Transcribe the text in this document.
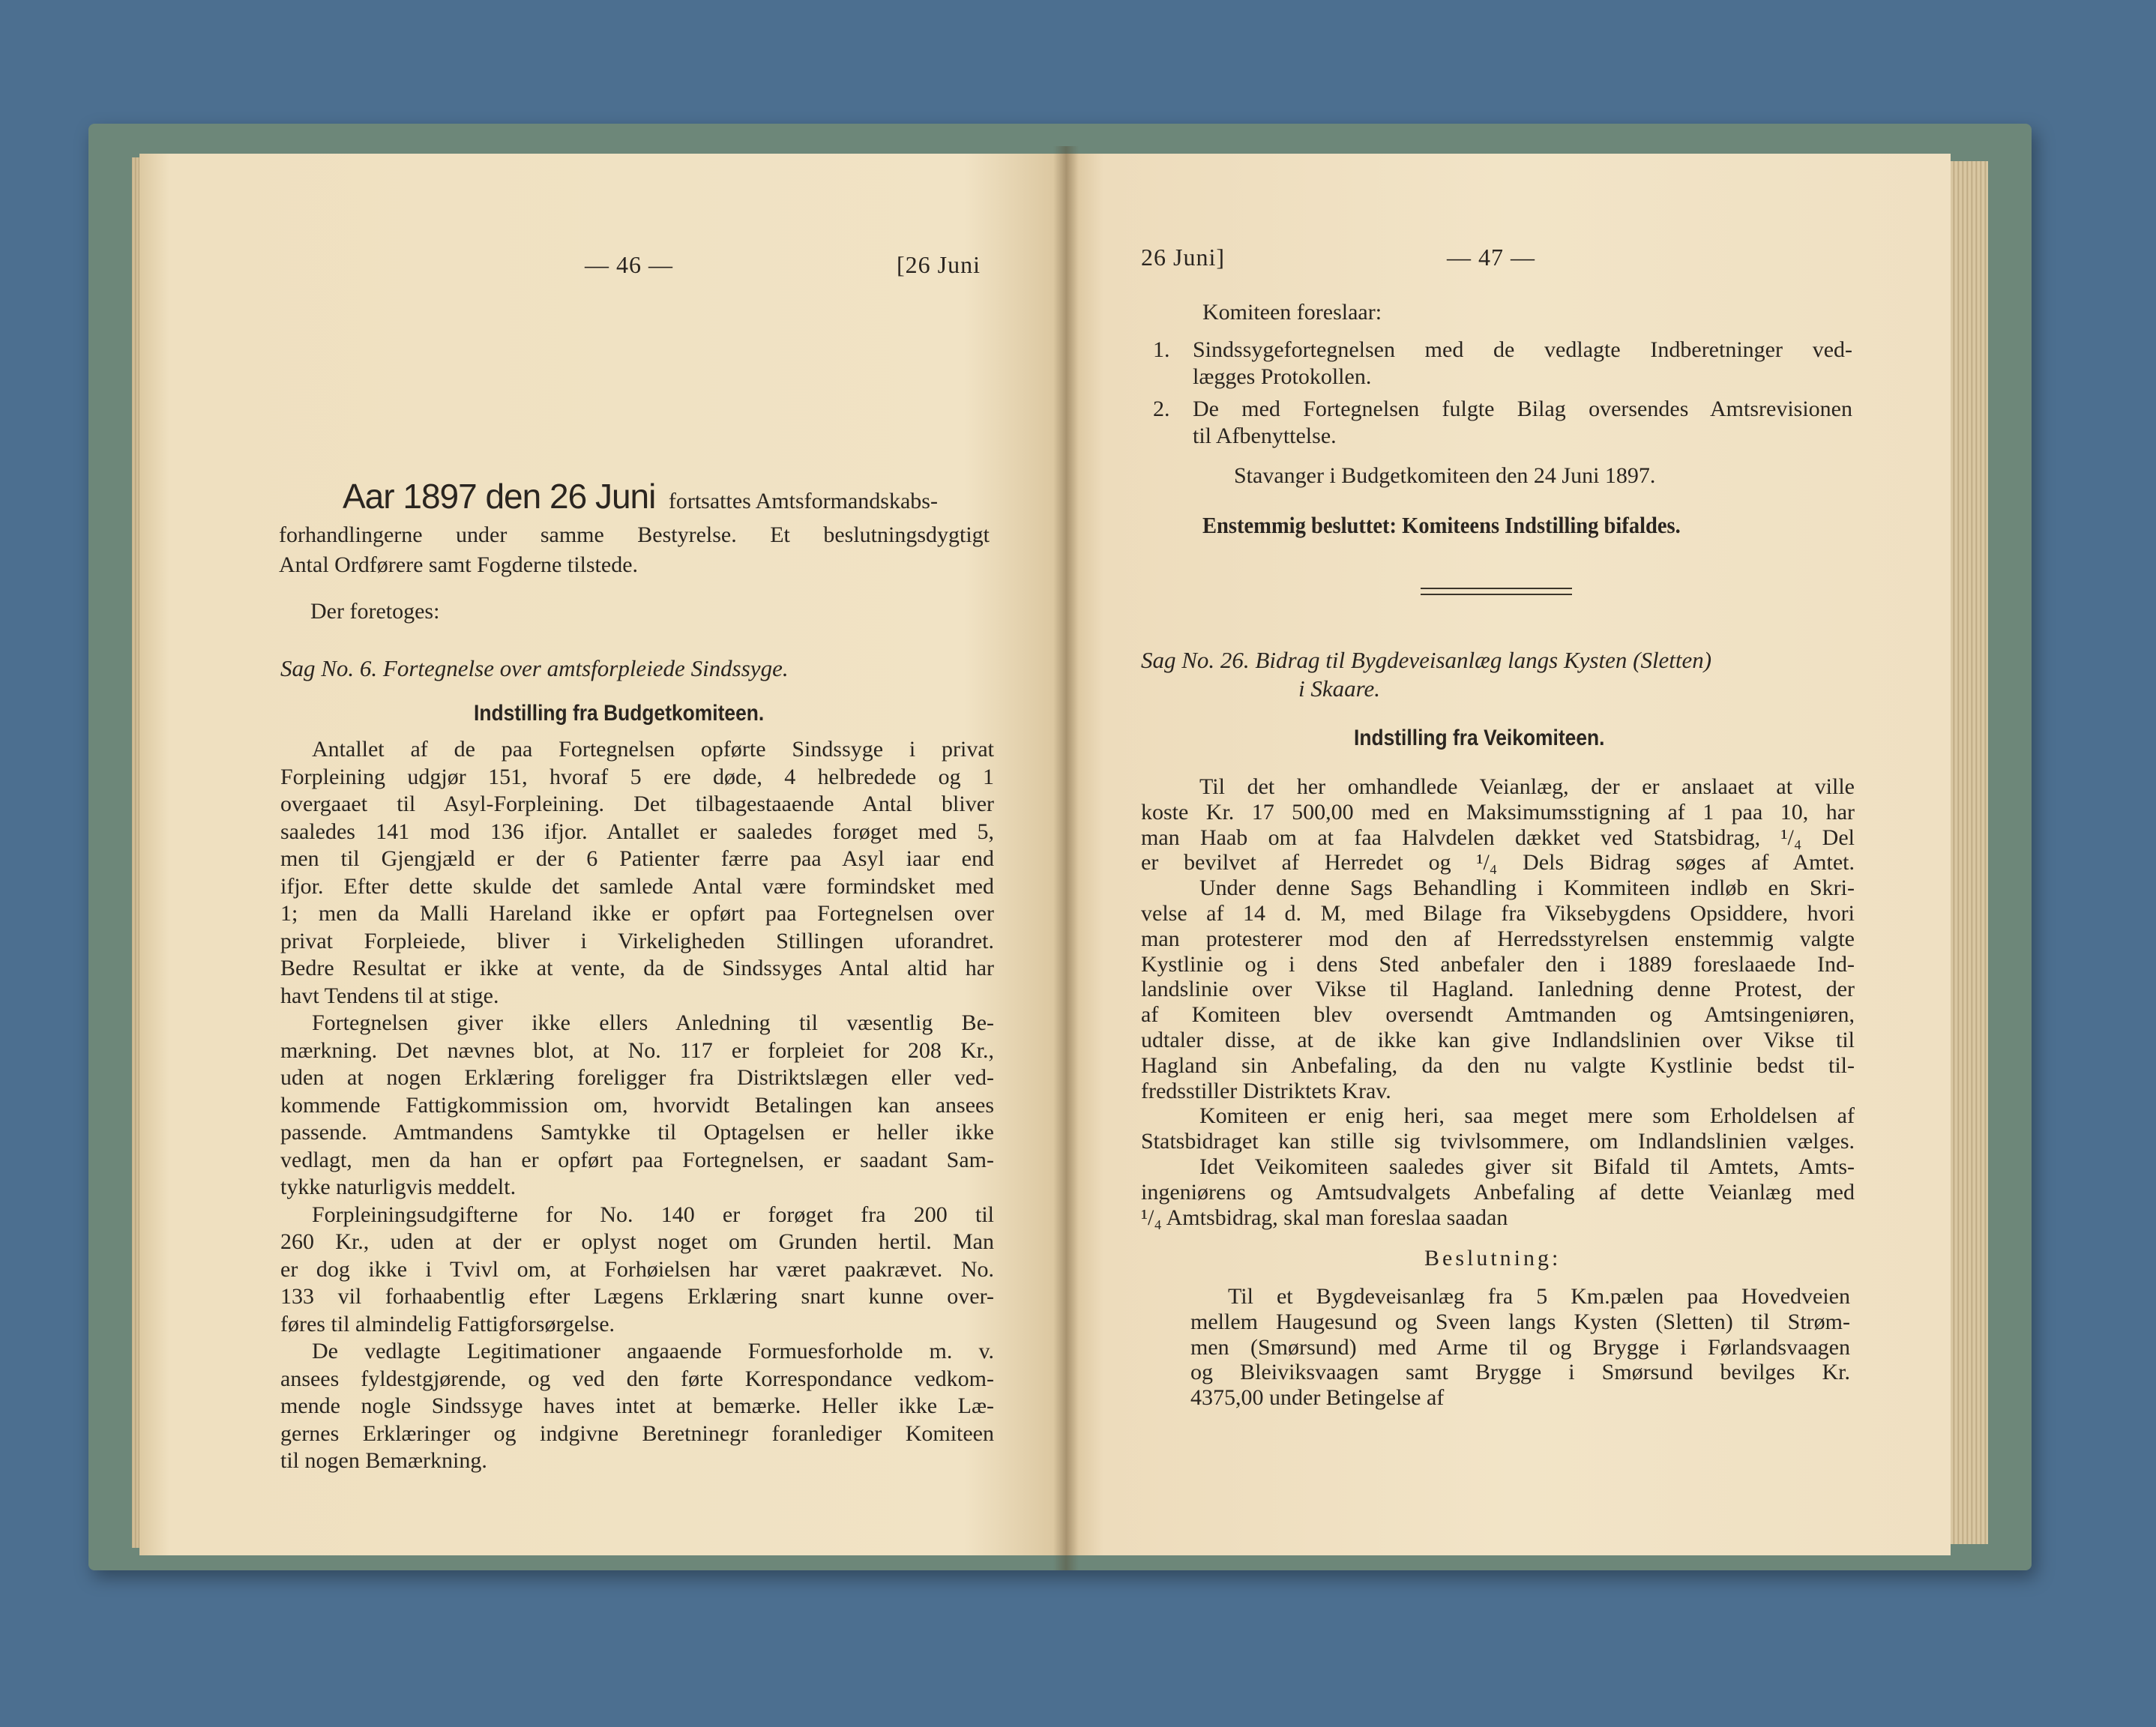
— 46 —	[26 Juni
Aar 1897 den 26 Juni fortsattes Amtsformandskabs-
forhandlingerne under samme Bestyrelse. Et beslutningsdygtigt
Antal Ordførere samt Fogderne tilstede.
Der foretoges:
Sag No. 6. Fortegnelse over amtsforpleiede Sindssyge.
Indstilling fra Budgetkomiteen.
Antallet af de paa Fortegnelsen opførte Sindssyge i privat
Forpleining udgjør 151, hvoraf 5 ere døde, 4 helbredede og 1
overgaaet til Asyl-Forpleining. Det tilbagestaaende Antal bliver
saaledes 141 mod 136 ifjor. Antallet er saaledes forøget med 5,
men til Gjengjæld er der 6 Patienter færre paa Asyl iaar end
ifjor. Efter dette skulde det samlede Antal være formindsket med
1; men da Malli Hareland ikke er opført paa Fortegnelsen over
privat Forpleiede, bliver i Virkeligheden Stillingen uforandret.
Bedre Resultat er ikke at vente, da de Sindssyges Antal altid har
havt Tendens til at stige.
Fortegnelsen giver ikke ellers Anledning til væsentlig Be-
mærkning. Det nævnes blot, at No. 117 er forpleiet for 208 Kr.,
uden at nogen Erklæring foreligger fra Distriktslægen eller ved-
kommende Fattigkommission om, hvorvidt Betalingen kan ansees
passende. Amtmandens Samtykke til Optagelsen er heller ikke
vedlagt, men da han er opført paa Fortegnelsen, er saadant Sam-
tykke naturligvis meddelt.
Forpleiningsudgifterne for No. 140 er forøget fra 200 til
260 Kr., uden at der er oplyst noget om Grunden hertil. Man
er dog ikke i Tvivl om, at Forhøielsen har været paakrævet. No.
133 vil forhaabentlig efter Lægens Erklæring snart kunne over-
føres til almindelig Fattigforsørgelse.
De vedlagte Legitimationer angaaende Formuesforholde m. v.
ansees fyldestgjørende, og ved den førte Korrespondance vedkom-
mende nogle Sindssyge haves intet at bemærke. Heller ikke Læ-
gernes Erklæringer og indgivne Beretninegr foranlediger Komiteen
til nogen Bemærkning.
26 Juni]	— 47 —
Komiteen foreslaar:
1. Sindssygefortegnelsen med de vedlagte Indberetninger ved-
lægges Protokollen.
2. De med Fortegnelsen fulgte Bilag oversendes Amtsrevisionen
til Afbenyttelse.
Stavanger i Budgetkomiteen den 24 Juni 1897.
Enstemmig besluttet: Komiteens Indstilling bifaldes.
Sag No. 26. Bidrag til Bygdeveisanlæg langs Kysten (Sletten)
i Skaare.
Indstilling fra Veikomiteen.
Til det her omhandlede Veianlæg, der er anslaaet at ville
koste Kr. 17 500,00 med en Maksimumsstigning af 1 paa 10, har
man Haab om at faa Halvdelen dækket ved Statsbidrag, ¹/₄ Del
er bevilvet af Herredet og ¹/₄ Dels Bidrag søges af Amtet.
Under denne Sags Behandling i Kommiteen indløb en Skri-
velse af 14 d. M, med Bilage fra Viksebygdens Opsiddere, hvori
man protesterer mod den af Herredsstyrelsen enstemmig valgte
Kystlinie og i dens Sted anbefaler den i 1889 foreslaaede Ind-
landslinie over Vikse til Hagland. Ianledning denne Protest, der
af Komiteen blev oversendt Amtmanden og Amtsingeniøren,
udtaler disse, at de ikke kan give Indlandslinien over Vikse til
Hagland sin Anbefaling, da den nu valgte Kystlinie bedst til-
fredsstiller Distriktets Krav.
Komiteen er enig heri, saa meget mere som Erholdelsen af
Statsbidraget kan stille sig tvivlsommere, om Indlandslinien vælges.
Idet Veikomiteen saaledes giver sit Bifald til Amtets, Amts-
ingeniørens og Amtsudvalgets Anbefaling af dette Veianlæg med
¹/₄ Amtsbidrag, skal man foreslaa saadan
Beslutning:
Til et Bygdeveisanlæg fra 5 Km.pælen paa Hovedveien
mellem Haugesund og Sveen langs Kysten (Sletten) til Strøm-
men (Smørsund) med Arme til og Brygge i Førlandsvaagen
og Bleiviksvaagen samt Brygge i Smørsund bevilges Kr.
4375,00 under Betingelse af
